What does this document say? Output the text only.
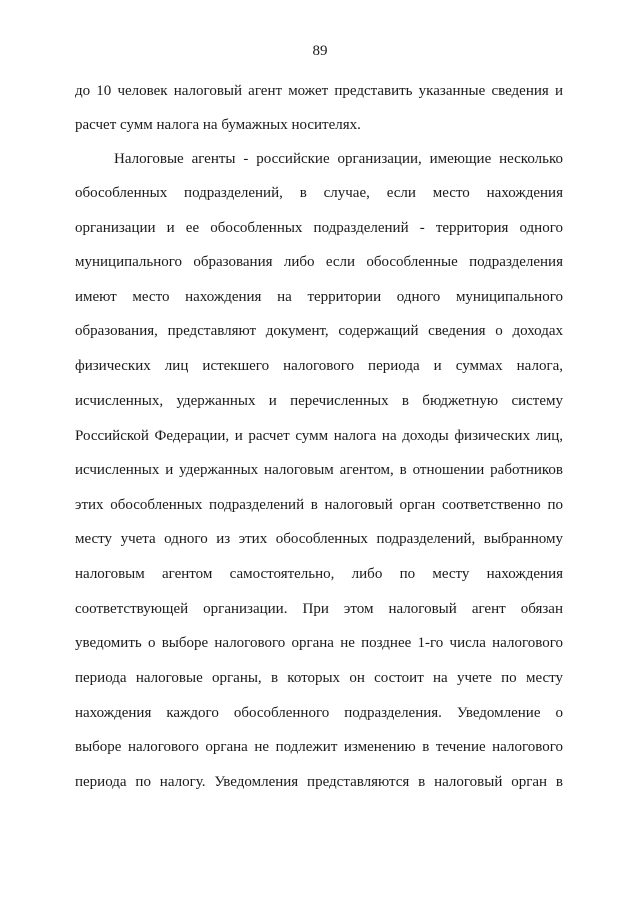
89
до 10 человек налоговый агент может представить указанные сведения и
расчет сумм налога на бумажных носителях.
Налоговые агенты - российские организации, имеющие несколько
обособленных подразделений, в случае, если место нахождения
организации и ее обособленных подразделений - территория одного
муниципального образования либо если обособленные подразделения
имеют место нахождения на территории одного муниципального
образования, представляют документ, содержащий сведения о доходах
физических лиц истекшего налогового периода и суммах налога,
исчисленных, удержанных и перечисленных в бюджетную систему
Российской Федерации, и расчет сумм налога на доходы физических лиц,
исчисленных и удержанных налоговым агентом, в отношении работников
этих обособленных подразделений в налоговый орган соответственно по
месту учета одного из этих обособленных подразделений, выбранному
налоговым агентом самостоятельно, либо по месту нахождения
соответствующей организации. При этом налоговый агент обязан
уведомить о выборе налогового органа не позднее 1-го числа налогового
периода налоговые органы, в которых он состоит на учете по месту
нахождения каждого обособленного подразделения. Уведомление о
выборе налогового органа не подлежит изменению в течение налогового
периода по налогу. Уведомления представляются в налоговый орган в
